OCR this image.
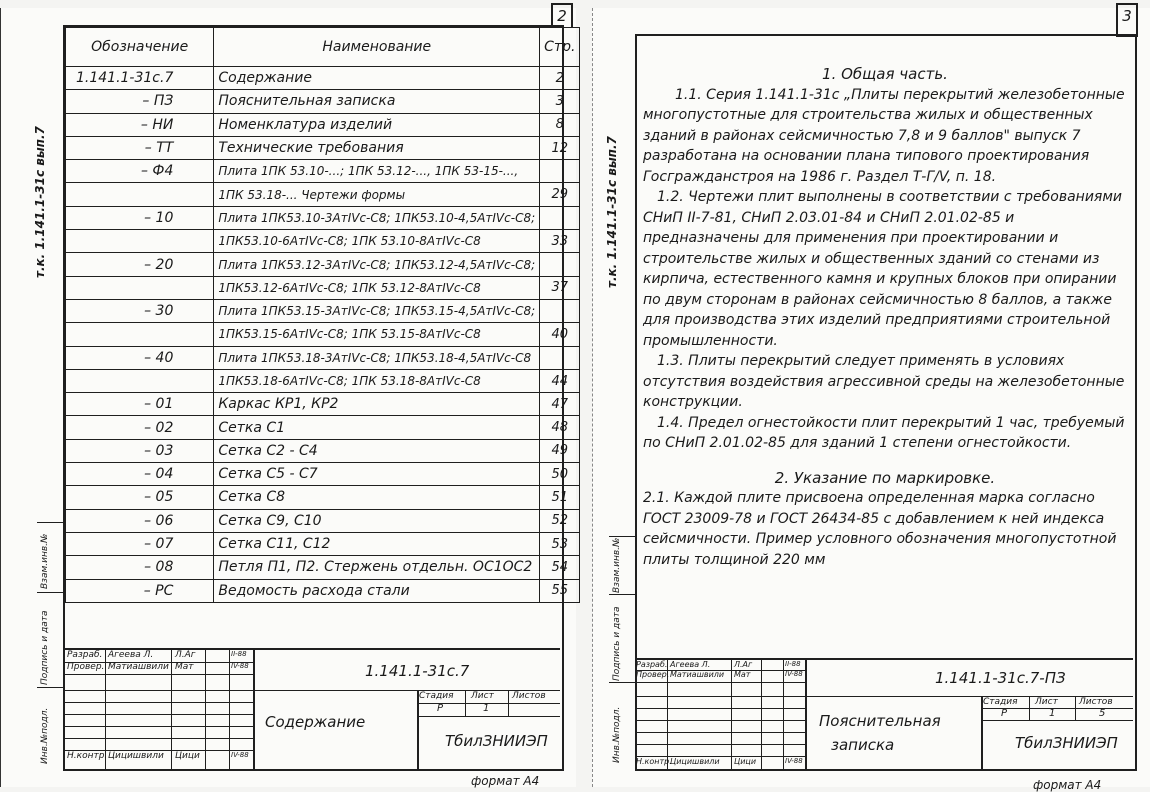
2
т.к. 1.141.1-31с вып.7
Взам.инв.№
Подпись и дата
Инв.№подл.
Обозначение	Наименование	Стр.
1.141.1-31с.7	Содержание	2
– ПЗ	Пояснительная записка	3
– НИ	Номенклатура изделий	8
– ТТ	Технические требования	12
– Ф4	Плита 1ПК 53.10-...; 1ПК 53.12-..., 1ПК 53-15-...,	
	1ПК 53.18-... Чертежи формы	29
– 10	Плита 1ПК53.10-3АтIVс-С8; 1ПК53.10-4,5АтIVс-С8;	
	1ПК53.10-6АтIVс-С8; 1ПК 53.10-8АтIVс-С8	33
– 20	Плита 1ПК53.12-3АтIVс-С8; 1ПК53.12-4,5АтIVс-С8;	
	1ПК53.12-6АтIVс-С8; 1ПК 53.12-8АтIVс-С8	37
– 30	Плита 1ПК53.15-3АтIVс-С8; 1ПК53.15-4,5АтIVс-С8;	
	1ПК53.15-6АтIVс-С8; 1ПК 53.15-8АтIVс-С8	40
– 40	Плита 1ПК53.18-3АтIVс-С8; 1ПК53.18-4,5АтIVс-С8	
	1ПК53.18-6АтIVс-С8; 1ПК 53.18-8АтIVс-С8	44
– 01	Каркас КР1, КР2	47
– 02	Сетка С1	48
– 03	Сетка С2 - С4	49
– 04	Сетка С5 - С7	50
– 05	Сетка С8	51
– 06	Сетка С9, С10	52
– 07	Сетка С11, С12	53
– 08	Петля П1, П2. Стержень отдельн. ОС1ОС2	54
– РС	Ведомость расхода стали	55
Разраб. Агеева Л. Л.Аг	II-88
Провер. Матиашвили Мат	IV-88
Н.контр. Цицишвили Цици	IV-88
1.141.1-31с.7
Содержание
Стадия Лист Листов
Р	1
ТбилЗНИИЭП
формат А4
3
т.к. 1.141.1-31с вып.7
Взам.инв.№
Подпись и дата
Инв.№подл.

1. Общая часть.

1.1. Серия 1.141.1-31с „Плиты перекрытий железобетонные многопустотные для строительства жилых и общественных зданий в районах сейсмичностью 7,8 и 9 баллов" выпуск 7 разработана на основании плана типового проектирования Госгражданстроя на 1986 г. Раздел Т-Г/V, п. 18.

1.2. Чертежи плит выполнены в соответствии с требованиями СНиП II-7-81, СНиП 2.03.01-84 и СНиП 2.01.02-85 и предназначены для применения при проектировании и строительстве жилых и общественных зданий со стенами из кирпича, естественного камня и крупных блоков при опирании по двум сторонам в районах сейсмичностью 8 баллов, а также для производства этих изделий предприятиями строительной промышленности.

1.3. Плиты перекрытий следует применять в условиях отсутствия воздействия агрессивной среды на железобетонные конструкции.

1.4. Предел огнестойкости плит перекрытий 1 час, требуемый по СНиП 2.01.02-85 для зданий 1 степени огнестойкости.

2. Указание по маркировке.

2.1. Каждой плите присвоена определенная марка согласно ГОСТ 23009-78 и ГОСТ 26434-85 с добавлением к ней индекса сейсмичности. Пример условного обозначения многопустотной плиты толщиной 220 мм

Разраб. Агеева Л.	Л.Аг	II-88
Провер. Матиашвили Мат	IV-88
Н.контр.
Цицишвили Цици	IV-88
1.141.1-31с.7-ПЗ
Пояснительная
записка
Стадия Лист Листов
Р	1	5
ТбилЗНИИЭП
формат А4
